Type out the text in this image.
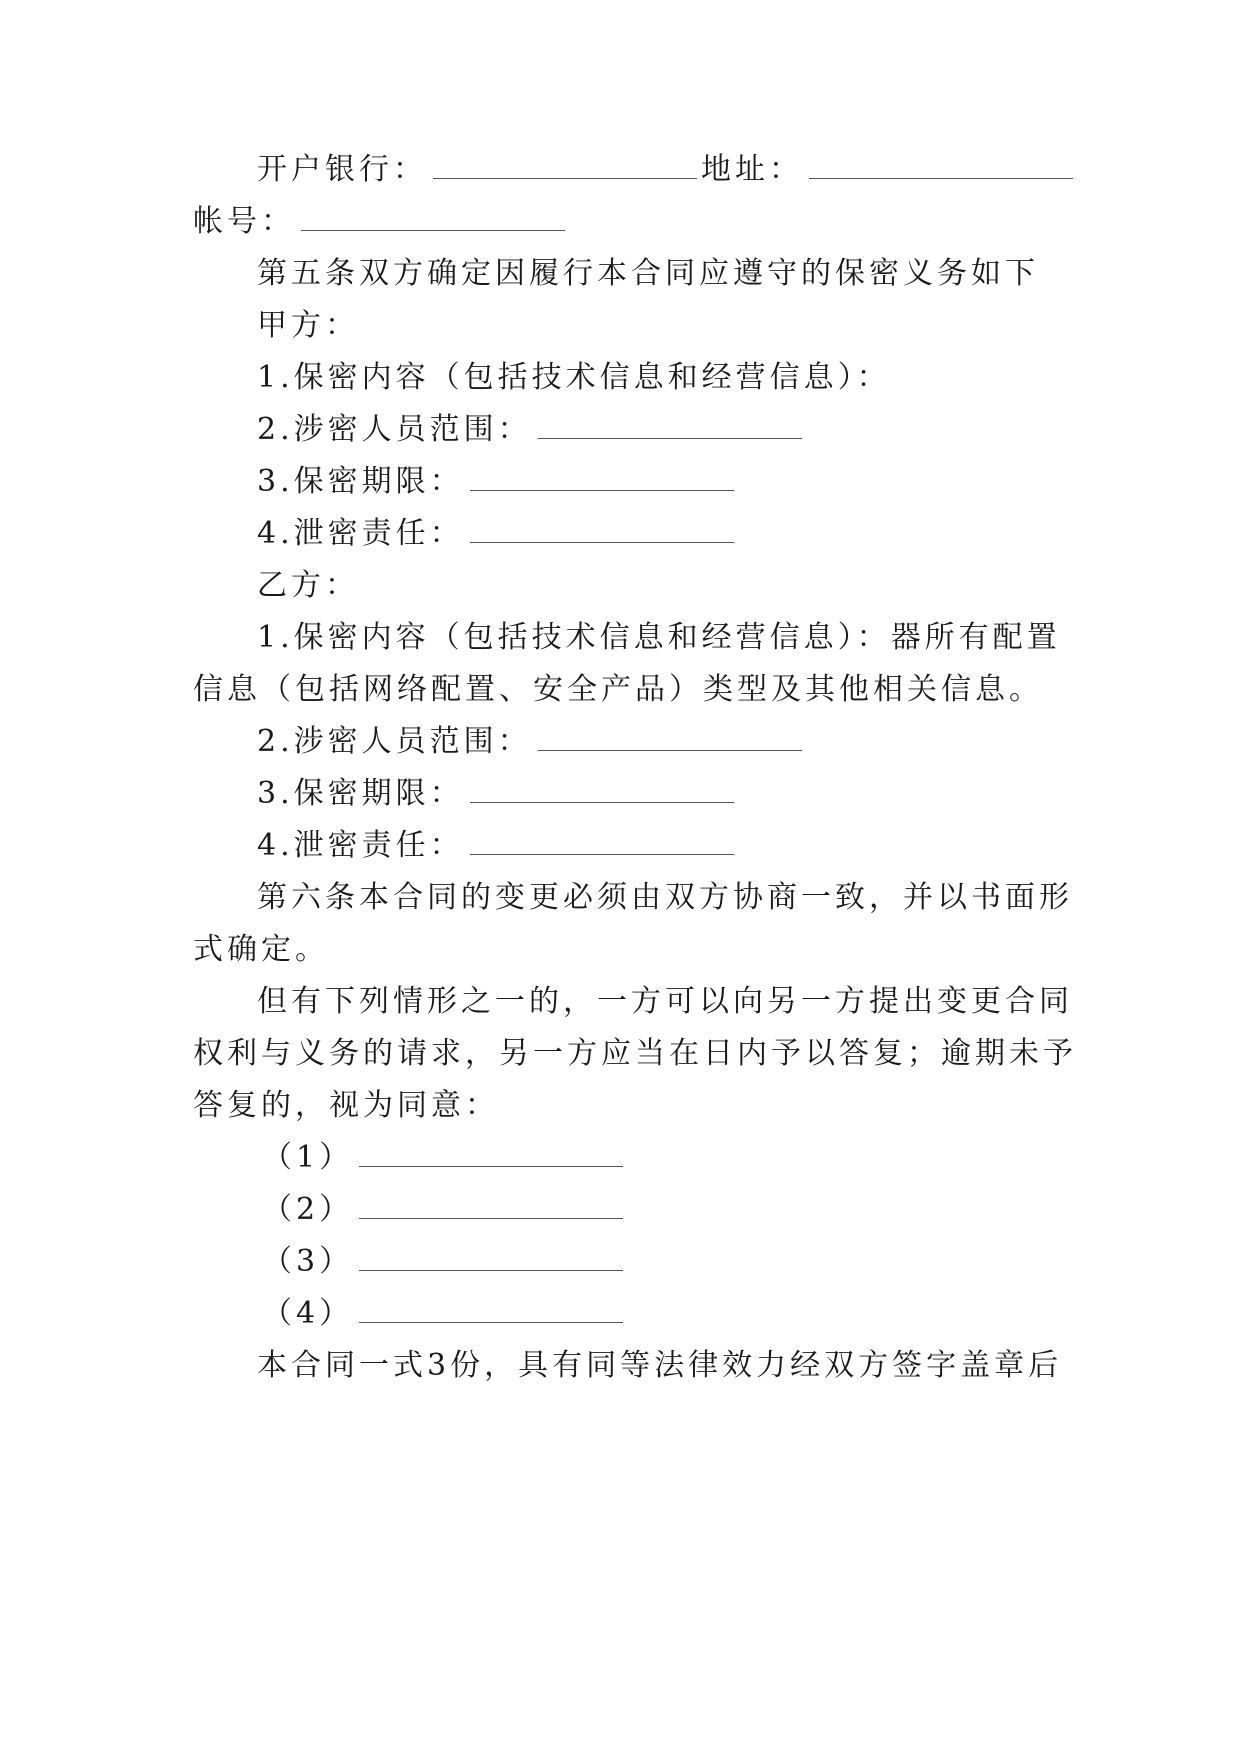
开户银行：	地址：
帐号：
第五条双方确定因履行本合同应遵守的保密义务如下
甲方：
1.保密内容（包括技术信息和经营信息）：
2.涉密人员范围：
3.保密期限：
4.泄密责任：
乙方：
1.保密内容（包括技术信息和经营信息）：器所有配置
信息（包括网络配置、安全产品）类型及其他相关信息。
2.涉密人员范围：
3.保密期限：
4.泄密责任：
第六条本合同的变更必须由双方协商一致，并以书面形
式确定。
但有下列情形之一的，一方可以向另一方提出变更合同
权利与义务的请求，另一方应当在日内予以答复；逾期未予
答复的，视为同意：
（1）
（2）
（3）
（4）
本合同一式3份，具有同等法律效力经双方签字盖章后
